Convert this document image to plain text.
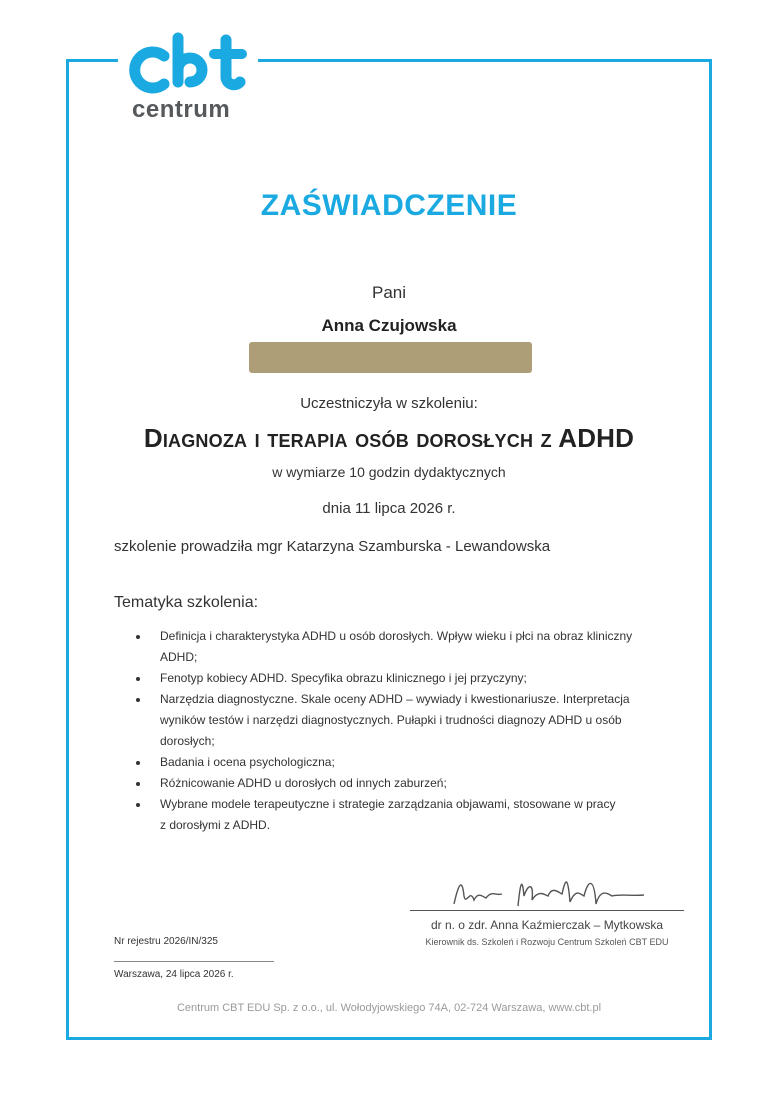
centrum
ZAŚWIADCZENIE
Pani
Anna Czujowska
Uczestniczyła w szkoleniu:
Diagnoza i terapia osób dorosłych z ADHD
w wymiarze 10 godzin dydaktycznych
dnia 11 lipca 2026 r.
szkolenie prowadziła mgr Katarzyna Szamburska - Lewandowska
Tematyka szkolenia:
Definicja i charakterystyka ADHD u osób dorosłych. Wpływ wieku i płci na obraz kliniczny
ADHD;
Fenotyp kobiecy ADHD. Specyfika obrazu klinicznego i jej przyczyny;
Narzędzia diagnostyczne. Skale oceny ADHD – wywiady i kwestionariusze. Interpretacja
wyników testów i narzędzi diagnostycznych. Pułapki i trudności diagnozy ADHD u osób
dorosłych;
Badania i ocena psychologiczna;
Różnicowanie ADHD u dorosłych od innych zaburzeń;
Wybrane modele terapeutyczne i strategie zarządzania objawami, stosowane w pracy
z dorosłymi z ADHD.
dr n. o zdr. Anna Kaźmierczak – Mytkowska
Kierownik ds. Szkoleń i Rozwoju Centrum Szkoleń CBT EDU
Nr rejestru 2026/IN/325
Warszawa, 24 lipca 2026 r.
Centrum CBT EDU Sp. z o.o., ul. Wołodyjowskiego 74A, 02-724 Warszawa, www.cbt.pl
